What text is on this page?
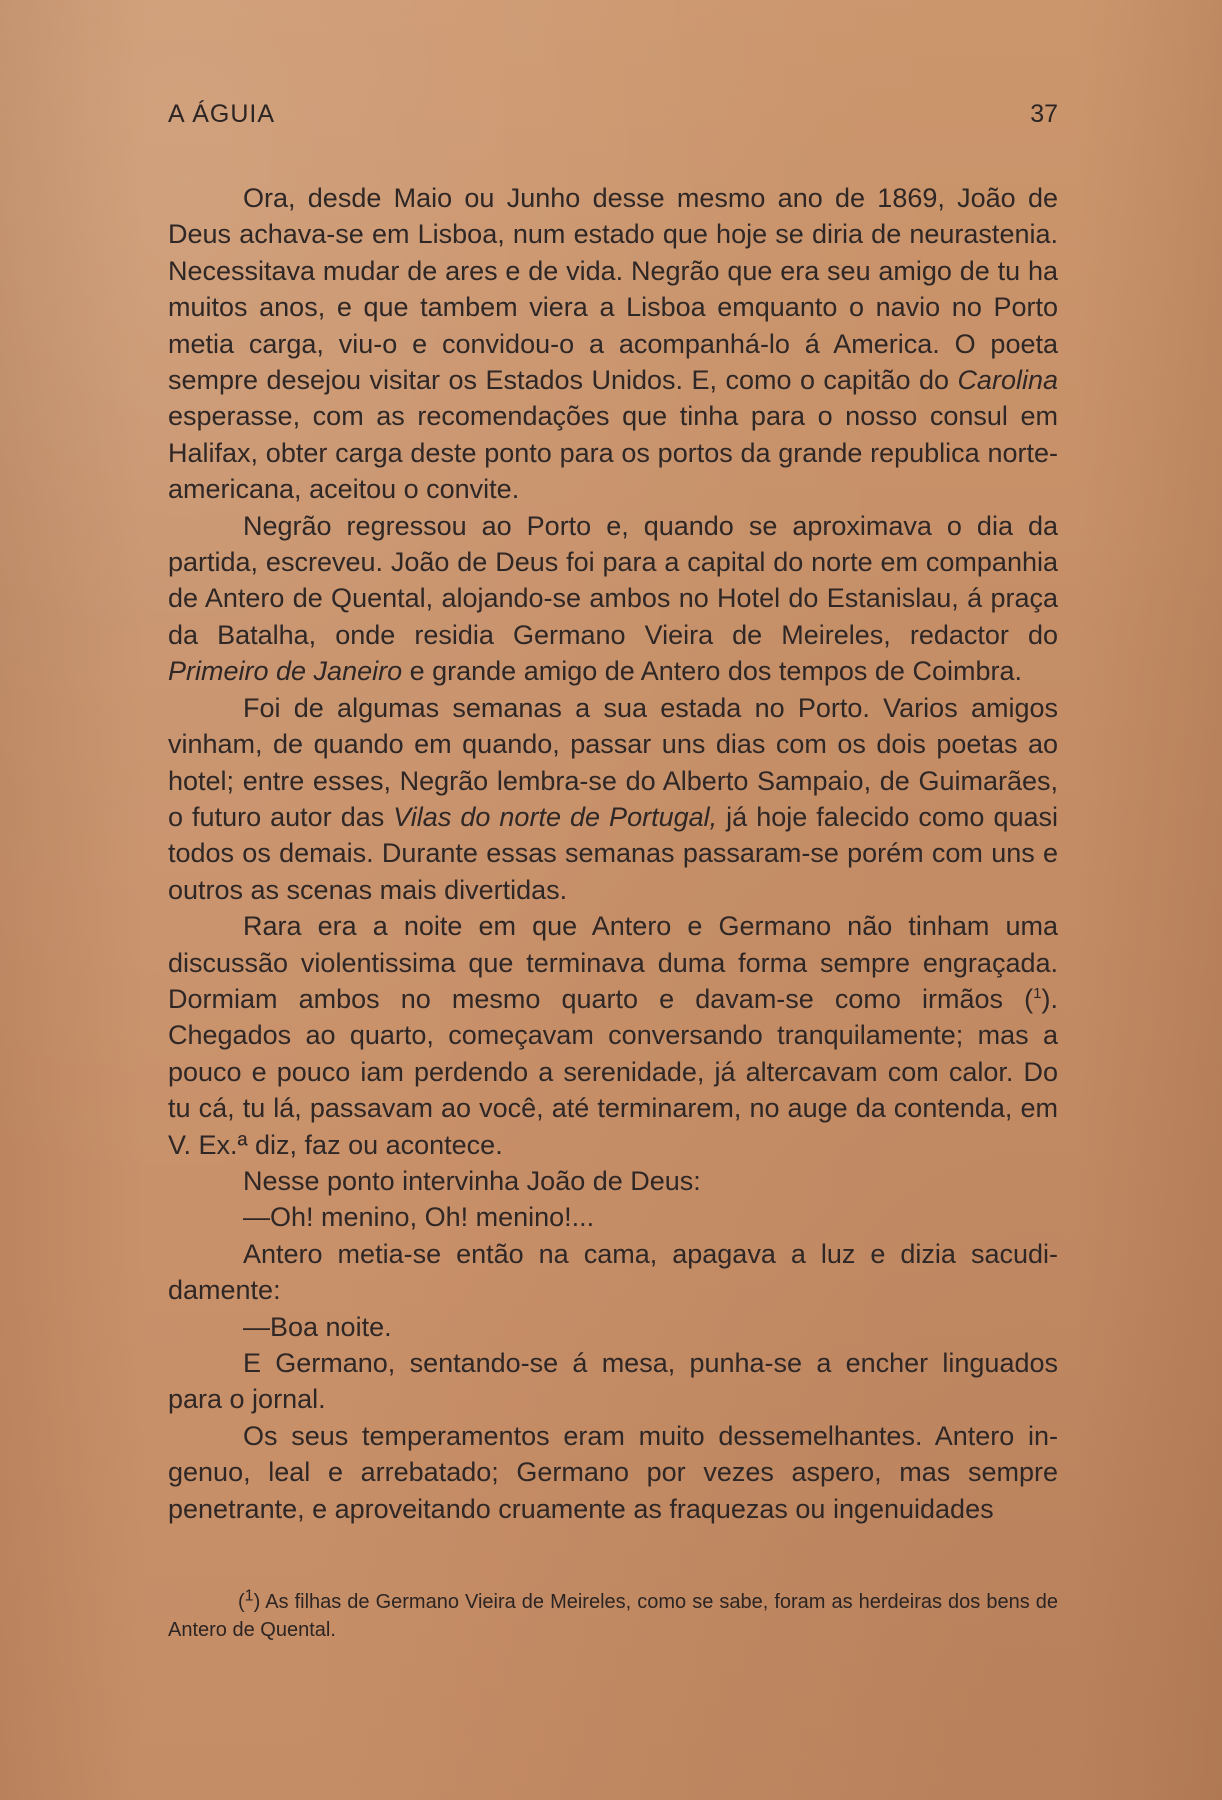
A ÁGUIA	37

Ora, desde Maio ou Junho desse mesmo ano de 1869, João de Deus achava-se em Lisboa, num estado que hoje se diria de neurastenia. Necessitava mudar de ares e de vida. Negrão que era seu amigo de tu ha muitos anos, e que tambem viera a Lisboa emquanto o navio no Porto metia carga, viu-o e convidou-o a acompanhá-lo á America. O poeta sempre desejou visitar os Estados Unidos. E, como o capitão do Carolina esperasse, com as recomendações que tinha para o nosso consul em Halifax, obter carga deste ponto para os portos da grande republica norte-americana, aceitou o convite.

Negrão regressou ao Porto e, quando se aproximava o dia da partida, escreveu. João de Deus foi para a capital do norte em companhia de Antero de Quental, alojando-se ambos no Hotel do Estanislau, á praça da Batalha, onde residia Germano Vieira de Meireles, redactor do Primeiro de Janeiro e grande amigo de Antero dos tempos de Coimbra.

Foi de algumas semanas a sua estada no Porto. Varios amigos vinham, de quando em quando, passar uns dias com os dois poetas ao hotel; entre esses, Negrão lembra-se do Alberto Sampaio, de Guimarães, o futuro autor das Vilas do norte de Portugal, já hoje falecido como quasi todos os demais. Durante essas semanas passaram-se porém com uns e outros as scenas mais divertidas.

Rara era a noite em que Antero e Germano não tinham uma discussão violentissima que terminava duma forma sempre engraçada. Dormiam ambos no mesmo quarto e davam-se como irmãos ($^1$). Chegados ao quarto, começavam conversando tranquilamente; mas a pouco e pouco iam perdendo a serenidade, já altercavam com calor. Do tu cá, tu lá, passavam ao você, até terminarem, no auge da contenda, em V. Ex.ª diz, faz ou acontece.

Nesse ponto intervinha João de Deus:

—Oh! menino, Oh! menino!...

Antero metia-se então na cama, apagava a luz e dizia sacudidamente:

—Boa noite.

E Germano, sentando-se á mesa, punha-se a encher linguados para o jornal.

Os seus temperamentos eram muito dessemelhantes. Antero ingenuo, leal e arrebatado; Germano por vezes aspero, mas sempre penetrante, e aproveitando cruamente as fraquezas ou ingenuidades

($^1$) As filhas de Germano Vieira de Meireles, como se sabe, foram as herdeiras dos bens de Antero de Quental.
